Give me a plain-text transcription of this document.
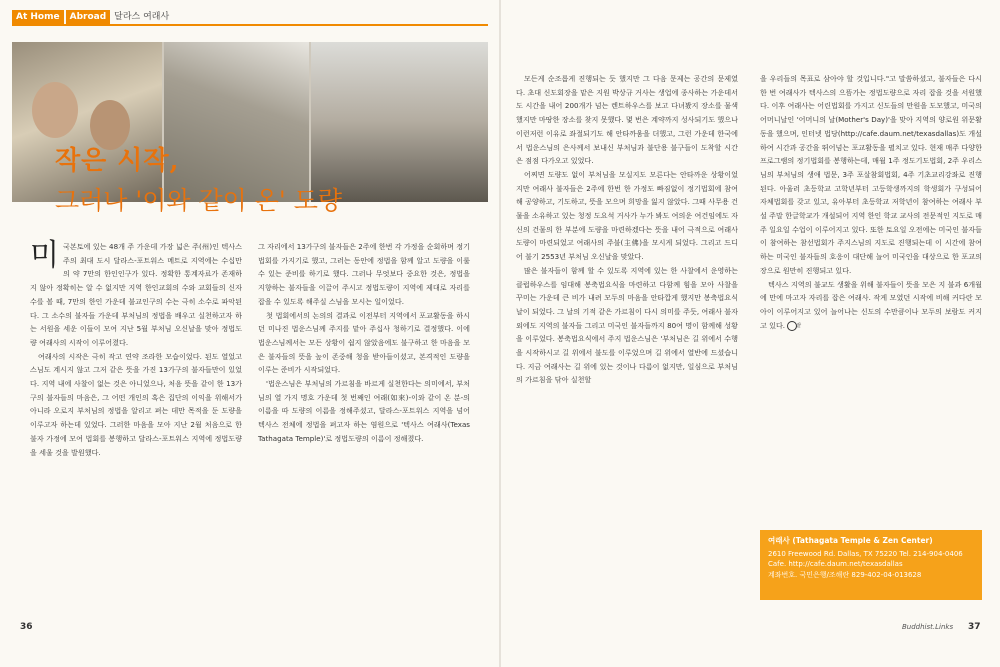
At Home Abroad 달라스 여래사
작은 시작,
그러나 '이와 같이 온' 도량

미국본토에 있는 48개 주 가운데 가장 넓은 주(州)인 텍사스 주의 최대 도시 달라스-포트워스 메트로 지역에는 수십만의 약 7만의 한인인구가 있다. 정확한 통계자료가 존재하지 않아 정확히는 알 수 없지만 지역 한인교회의 수와 교회들의 신자 수를 볼 때, 7만의 한인 가운데 불교인구의 수는 극히 소수로 파악된다. 그 소수의 불자들 가운데 부처님의 정법을 배우고 실천하고자 하는 서원을 세운 이들이 모여 지난 5월 부처님 오신날을 맞아 정법도량 여래사의 시작이 이루어졌다.

여래사의 시작은 극히 작고 연약 조라한 모습이었다. 된도 열었고 스님도 계시지 않고 그저 같은 뜻을 가진 13가구의 불자들만이 있었다. 지역 내에 사찰이 없는 것은 아니었으나, 처음 뜻을 같이 한 13가구의 불자들의 마음은, 그 어떤 개인의 혹은 집단의 이익을 위해서가 아니라 오로지 부처님의 정법을 알리고 펴는 데만 목적을 둔 도량을 이루고자 하는데 있었다. 그러한 마음을 모아 지난 2월 처음으로 한 불자 가정에 모여 법회를 봉행하고 달라스-포트워스 지역에 정법도량을 세울 것을 발원했다.

그 자리에서 13가구의 불자들은 2주에 한번 각 가정을 순회하며 정기법회를 가지기로 했고, 그러는 동안에 정법을 함께 알고 도량을 이룰 수 있는 준비를 하기로 했다. 그러나 무엇보다 중요한 것은, 정법을 지향하는 불자들을 이끌어 주시고 정법도량이 지역에 제대로 자리를 잡을 수 있도록 해주실 스님을 모시는 일이었다.

첫 법회에서의 논의의 결과로 이전부터 지역에서 포교활동을 하시던 미나진 법운스님께 주지를 맡아 주십사 청하기로 결정했다. 이에 법운스님께서는 모든 상황이 쉽지 않았음에도 불구하고 한 마음을 모은 불자들의 뜻을 높이 존중해 청을 받아들이셨고, 본격적인 도량을 이루는 준비가 시작되었다.

'법운스님은 부처님의 가르침을 바르게 실천한다는 의미에서, 부처님의 열 가지 명호 가운데 첫 번째인 여래(如來)-이와 같이 온 분-의 이름을 따 도량의 이름을 정해주셨고, 달라스-포트워스 지역을 넘어 텍사스 전체에 정법을 펴고자 하는 염원으로 '텍사스 여래사(Texas Tathagata Temple)'로 정법도량의 이름이 정해졌다.

모든게 순조롭게 진행되는 듯 했지만 그 다음 문제는 공간의 문제였다. 초대 신도회장을 맡은 지원 박상규 거사는 생업에 종사하는 가운데서도 시간을 내어 200개가 넘는 렌트하우스를 보고 다녀봤지 장소를 물색했지만 마땅한 장소를 찾지 못했다. 몇 번은 계약까지 성사되기도 했으나 이런저런 이유로 좌절되기도 해 안타까움을 더했고, 그런 가운데 한국에서 법운스님의 은사께서 보내신 부처님과 불단용 불구들이 도착할 시간은 점점 다가오고 있었다.

어찌면 도량도 없이 부처님을 모실지도 모른다는 안타까운 상황이었지만 여래사 불자들은 2주에 한번 한 가정도 빠짐없이 정기법회에 참여해 공양하고, 기도하고, 뜻을 모으며 희망을 잃지 않았다. 그때 사무용 건물을 소유하고 있는 청정 도요석 거사가 누가 봐도 여의운 여건임에도 자신의 건물의 한 부분에 도량을 마련하겠다는 뜻을 내어 극적으로 여래사 도량이 마련되었고 여래사의 주불(主佛)을 모시게 되었다. 그리고 드디어 불기 2553년 부처님 오신날을 맞았다.

많은 불자들이 함께 할 수 있도록 지역에 있는 한 사찰에서 운영하는 클럽하우스를 임대해 봉축법요식을 마련하고 다함께 힘을 모아 사찰을 꾸미는 가운데 큰 비가 내려 모두의 마음을 안타깝게 했지만 봉축법요식 날이 되었다. 그 날의 기적 같은 가르침이 다시 의미를 주듯, 여래사 불자 외에도 지역의 불자들 그리고 미국인 불자들까지 80여 명이 함께해 성황을 이루었다. 봉축법요식에서 주지 법운스님은 '부처님은 길 위에서 수행을 시작하시고 길 위에서 불도를 이루었으며 길 위에서 열반에 드셨습니다. 지금 여래사는 길 위에 있는 것이나 다름이 없지만, 일심으로 부처님의 가르침을 닦아 실천할

을 우리들의 목표로 삼아야 할 것입니다."고 말씀하셨고, 불자들은 다시 한 번 여래사가 텍사스의 으뜸가는 정법도량으로 자리 잡을 것을 서원했다. 이후 여래사는 어린법회를 가지고 신도들의 만원을 도모했고, 미국의 어머니날인 '어머니의 날(Mother's Day)'을 맞아 지역의 양로원 위문활동을 했으며, 인터넷 법당(http://cafe.daum.net/texasdallas)도 개설하여 시간과 공간을 뛰어넘는 포교활동을 펼치고 있다. 현재 매주 다양한 프로그램의 정기법회를 봉행하는데, 매월 1주 정도기도법회, 2주 우리스님의 부처님의 생애 법문, 3주 포살참회법회, 4주 기초교리강좌로 진행된다. 아울러 초등학교 고학년부터 고등학생까지의 학생회가 구성되어 자체법회를 갖고 있고, 유아부터 초등학교 저학년이 참여하는 여래사 부설 주말 한글학교가 개설되어 지역 한인 학교 교사의 전문적인 지도로 매주 일요일 수업이 이루어지고 있다. 또한 토요일 오전에는 미국인 불자들이 참여하는 참선법회가 주지스님의 지도로 진행되는데 이 시간에 참여하는 미국인 불자들의 호응이 대단해 늘어 미국인을 대상으로 한 포교의 장으로 원만히 진행되고 있다.

텍사스 지역의 불교도 생활을 위해 불자들이 뜻을 모은 지 불과 6개월에 만에 마고자 자리를 잡은 여래사. 작게 모였던 시작에 비해 커다란 모아이 이루어지고 있어 늘어나는 신도의 수만큼이나 모두의 보람도 커지고 있다. 끝

여래사 (Tathagata Temple & Zen Center)
2610 Freewood Rd. Dallas, TX 75220 Tel. 214-904-0406
Cafe. http://cafe.daum.net/texasdallas
계좌번호. 국민은행/조해란 829-402-04-013628
36	Buddhist.Links 37
